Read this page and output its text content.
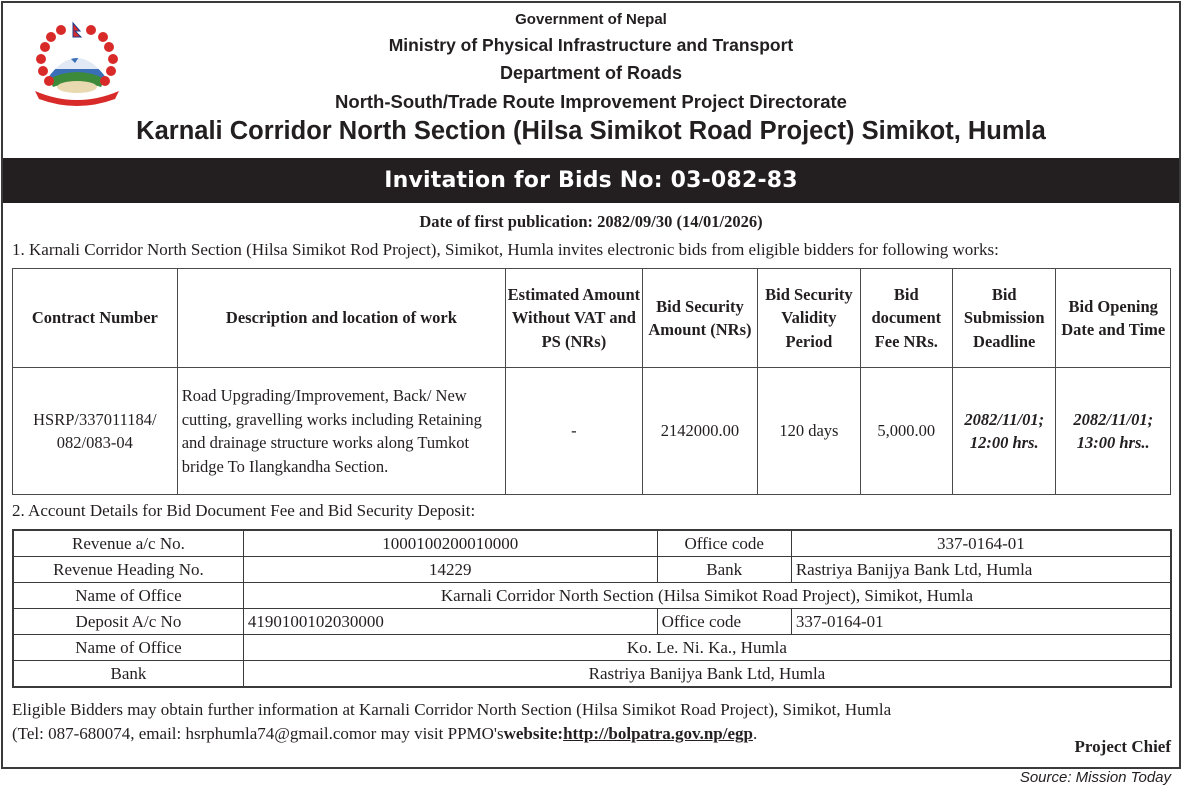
Government of Nepal
Ministry of Physical Infrastructure and Transport
Department of Roads
North-South/Trade Route Improvement Project Directorate
Karnali Corridor North Section (Hilsa Simikot Road Project) Simikot, Humla
Invitation for Bids No: 03-082-83
Date of first publication: 2082/09/30 (14/01/2026)
1. Karnali Corridor North Section (Hilsa Simikot Rod Project), Simikot, Humla invites electronic bids from eligible bidders for following works:
Contract Number	Description and location of work	Estimated Amount Without VAT and PS (NRs)	Bid Security Amount (NRs)	Bid Security Validity Period	Bid document Fee NRs.	Bid Submission Deadline	Bid Opening Date and Time
HSRP/337011184/ 082/083-04	Road Upgrading/Improvement, Back/ New cutting, gravelling works including Retaining and drainage structure works along Tumkot bridge To Ilangkandha Section.	-	2142000.00	120 days	5,000.00	2082/11/01; 12:00 hrs.	2082/11/01; 13:00 hrs..
2. Account Details for Bid Document Fee and Bid Security Deposit:
Revenue a/c No.	1000100200010000	Office code	337-0164-01
Revenue Heading No.	14229	Bank	Rastriya Banijya Bank Ltd, Humla
Name of Office	Karnali Corridor North Section (Hilsa Simikot Road Project), Simikot, Humla		
Deposit A/c No	4190100102030000	Office code	337-0164-01
Name of Office	Ko. Le. Ni. Ka., Humla		
Bank	Rastriya Banijya Bank Ltd, Humla		
Eligible Bidders may obtain further information at Karnali Corridor North Section (Hilsa Simikot Road Project), Simikot, Humla
(Tel: 087-680074, email: hsrphumla74@gmail.comor may visit PPMO'swebsite:http://bolpatra.gov.np/egp.
Project Chief
Source: Mission Today
